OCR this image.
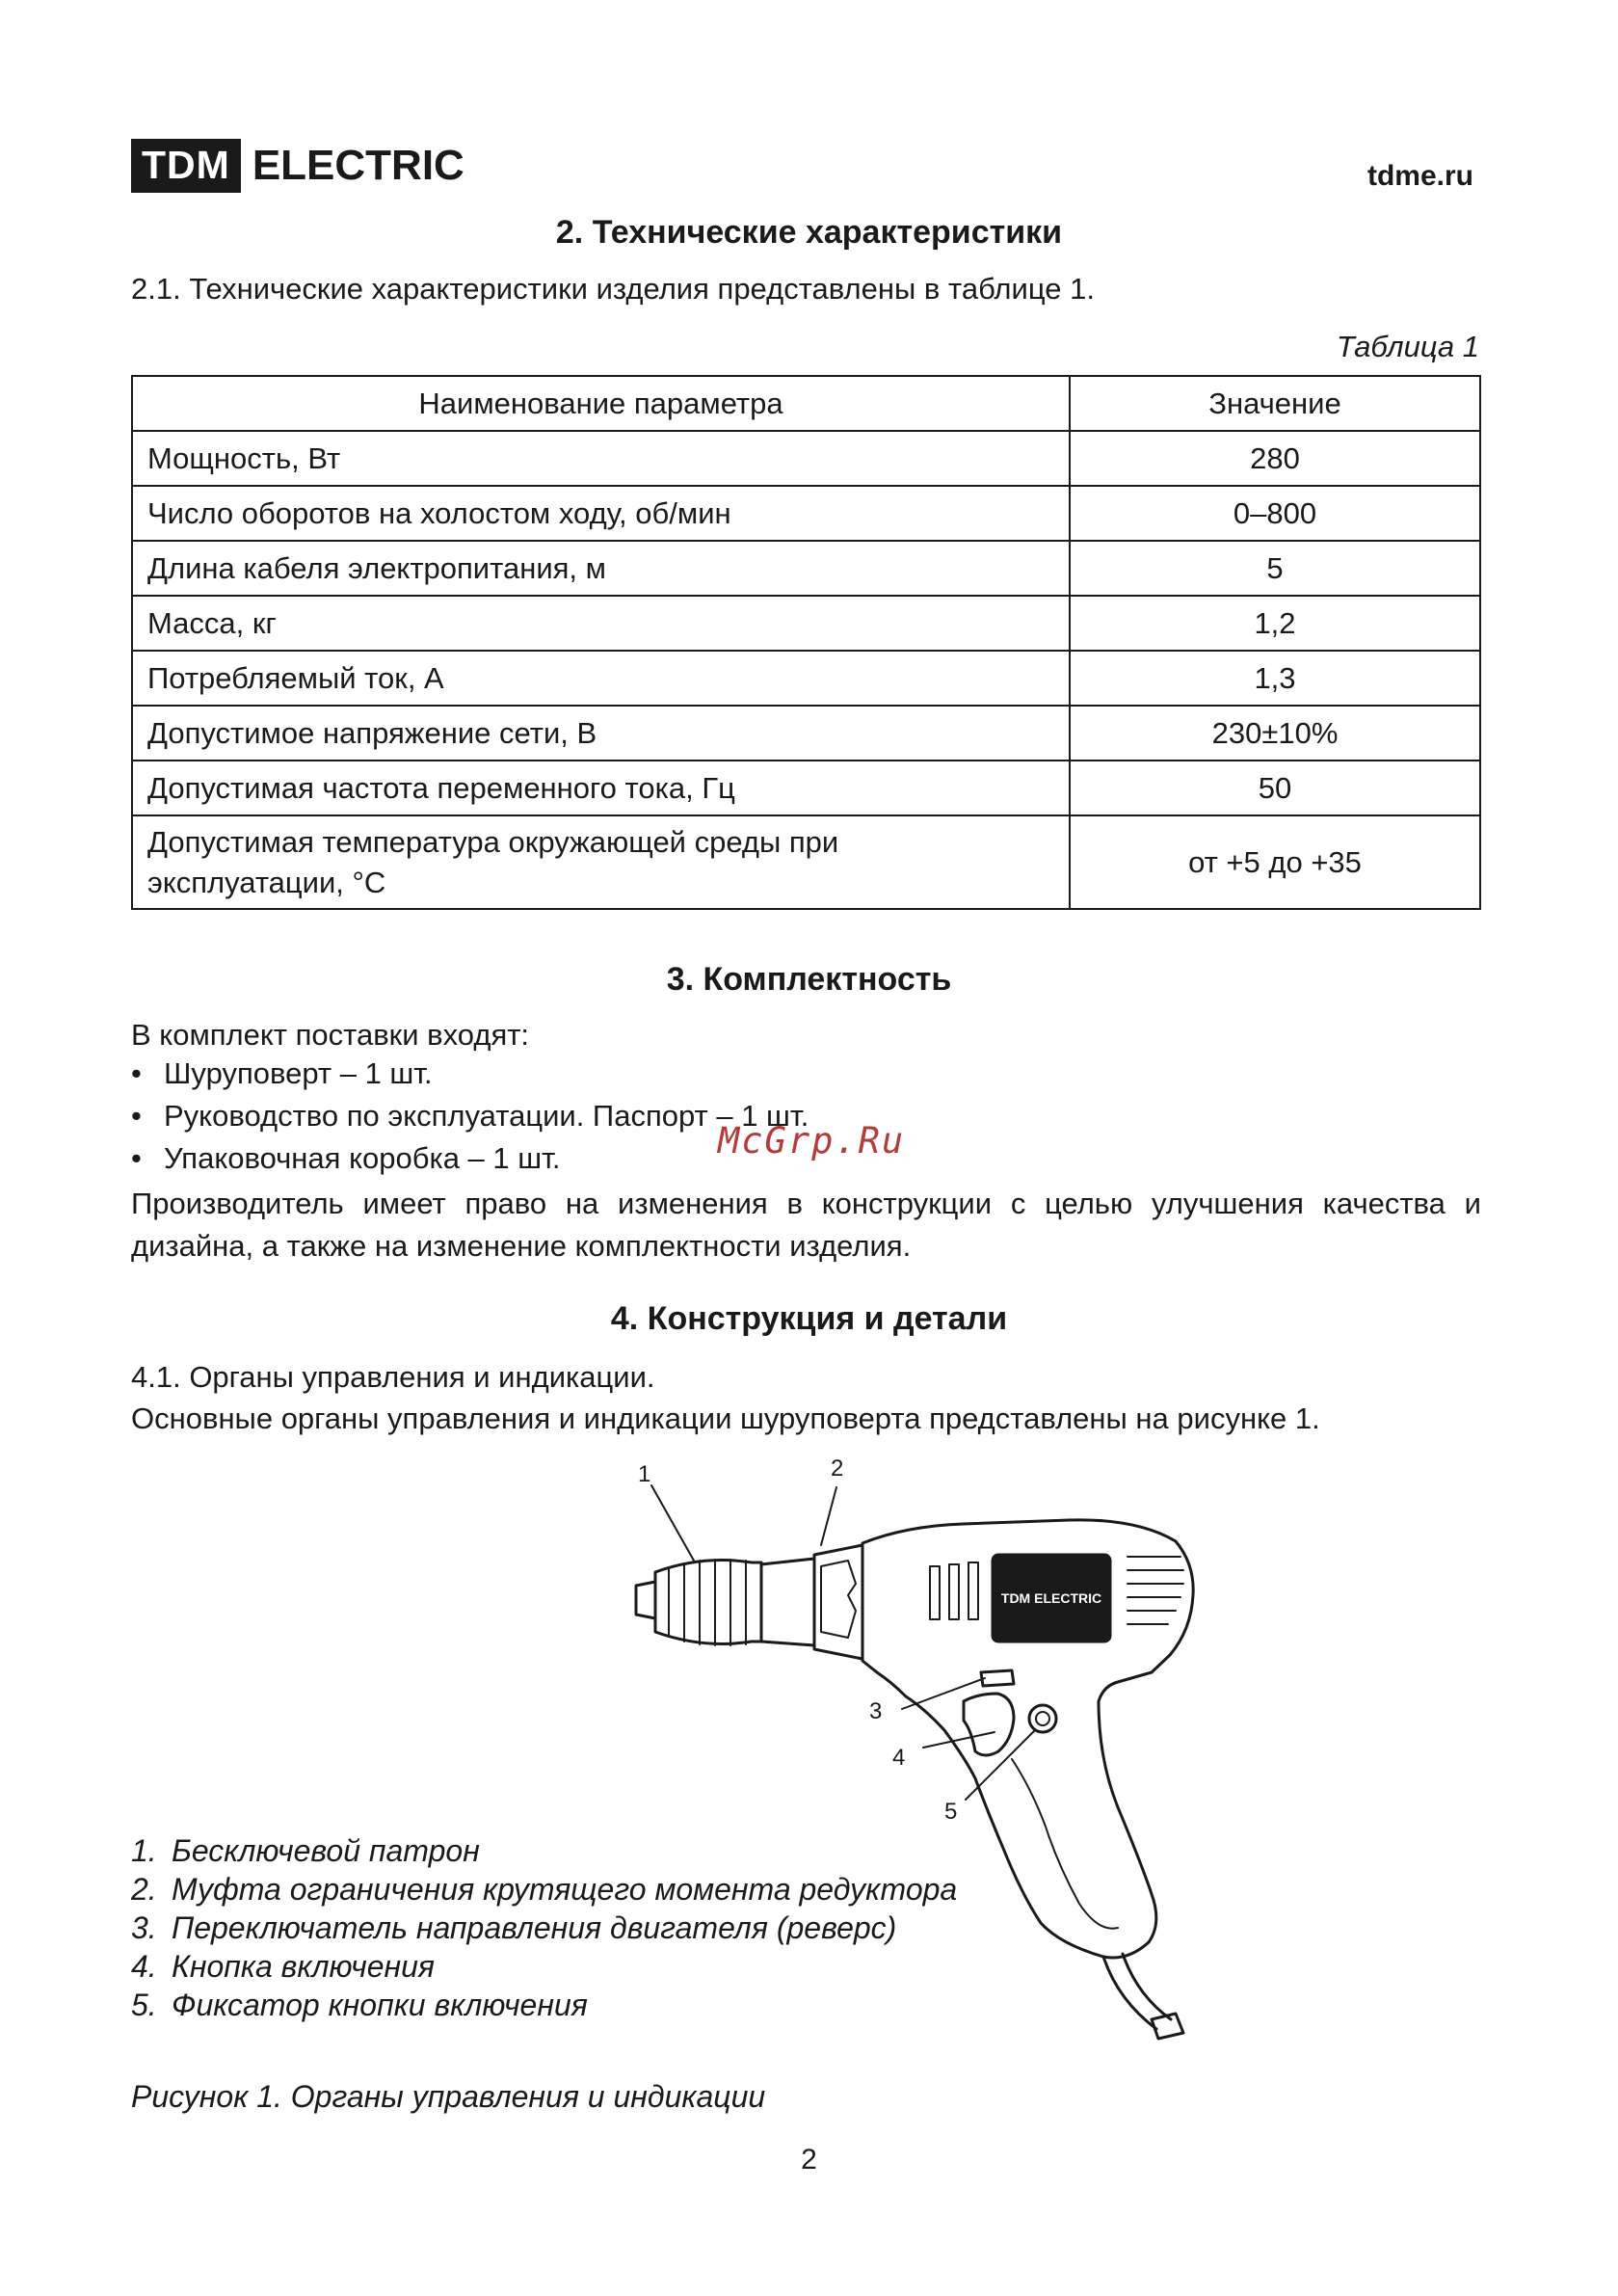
TDM ELECTRIC	tdme.ru
2. Технические характеристики
2.1. Технические характеристики изделия представлены в таблице 1.
Таблица 1
Наименование параметра	Значение
Мощность, Вт	280
Число оборотов на холостом ходу, об/мин	0–800
Длина кабеля электропитания, м	5
Масса, кг	1,2
Потребляемый ток, А	1,3
Допустимое напряжение сети, В	230±10%
Допустимая частота переменного тока, Гц	50
Допустимая температура окружающей среды при эксплуатации, °С	от +5 до +35
3. Комплектность
В комплект поставки входят:
• Шуруповерт – 1 шт.
• Руководство по эксплуатации. Паспорт – 1 шт.
• Упаковочная коробка – 1 шт.	McGrp.Ru
Производитель имеет право на изменения в конструкции с целью улучшения качества и дизайна, а также на изменение комплектности изделия.
4. Конструкция и детали
4.1. Органы управления и индикации.
Основные органы управления и индикации шуруповерта представлены на рисунке 1.
TDM ELECTRIC
1	2
3
4
5
1. Бесключевой патрон
2. Муфта ограничения крутящего момента редуктора
3. Переключатель направления двигателя (реверс)
4. Кнопка включения
5. Фиксатор кнопки включения
Рисунок 1. Органы управления и индикации
2
